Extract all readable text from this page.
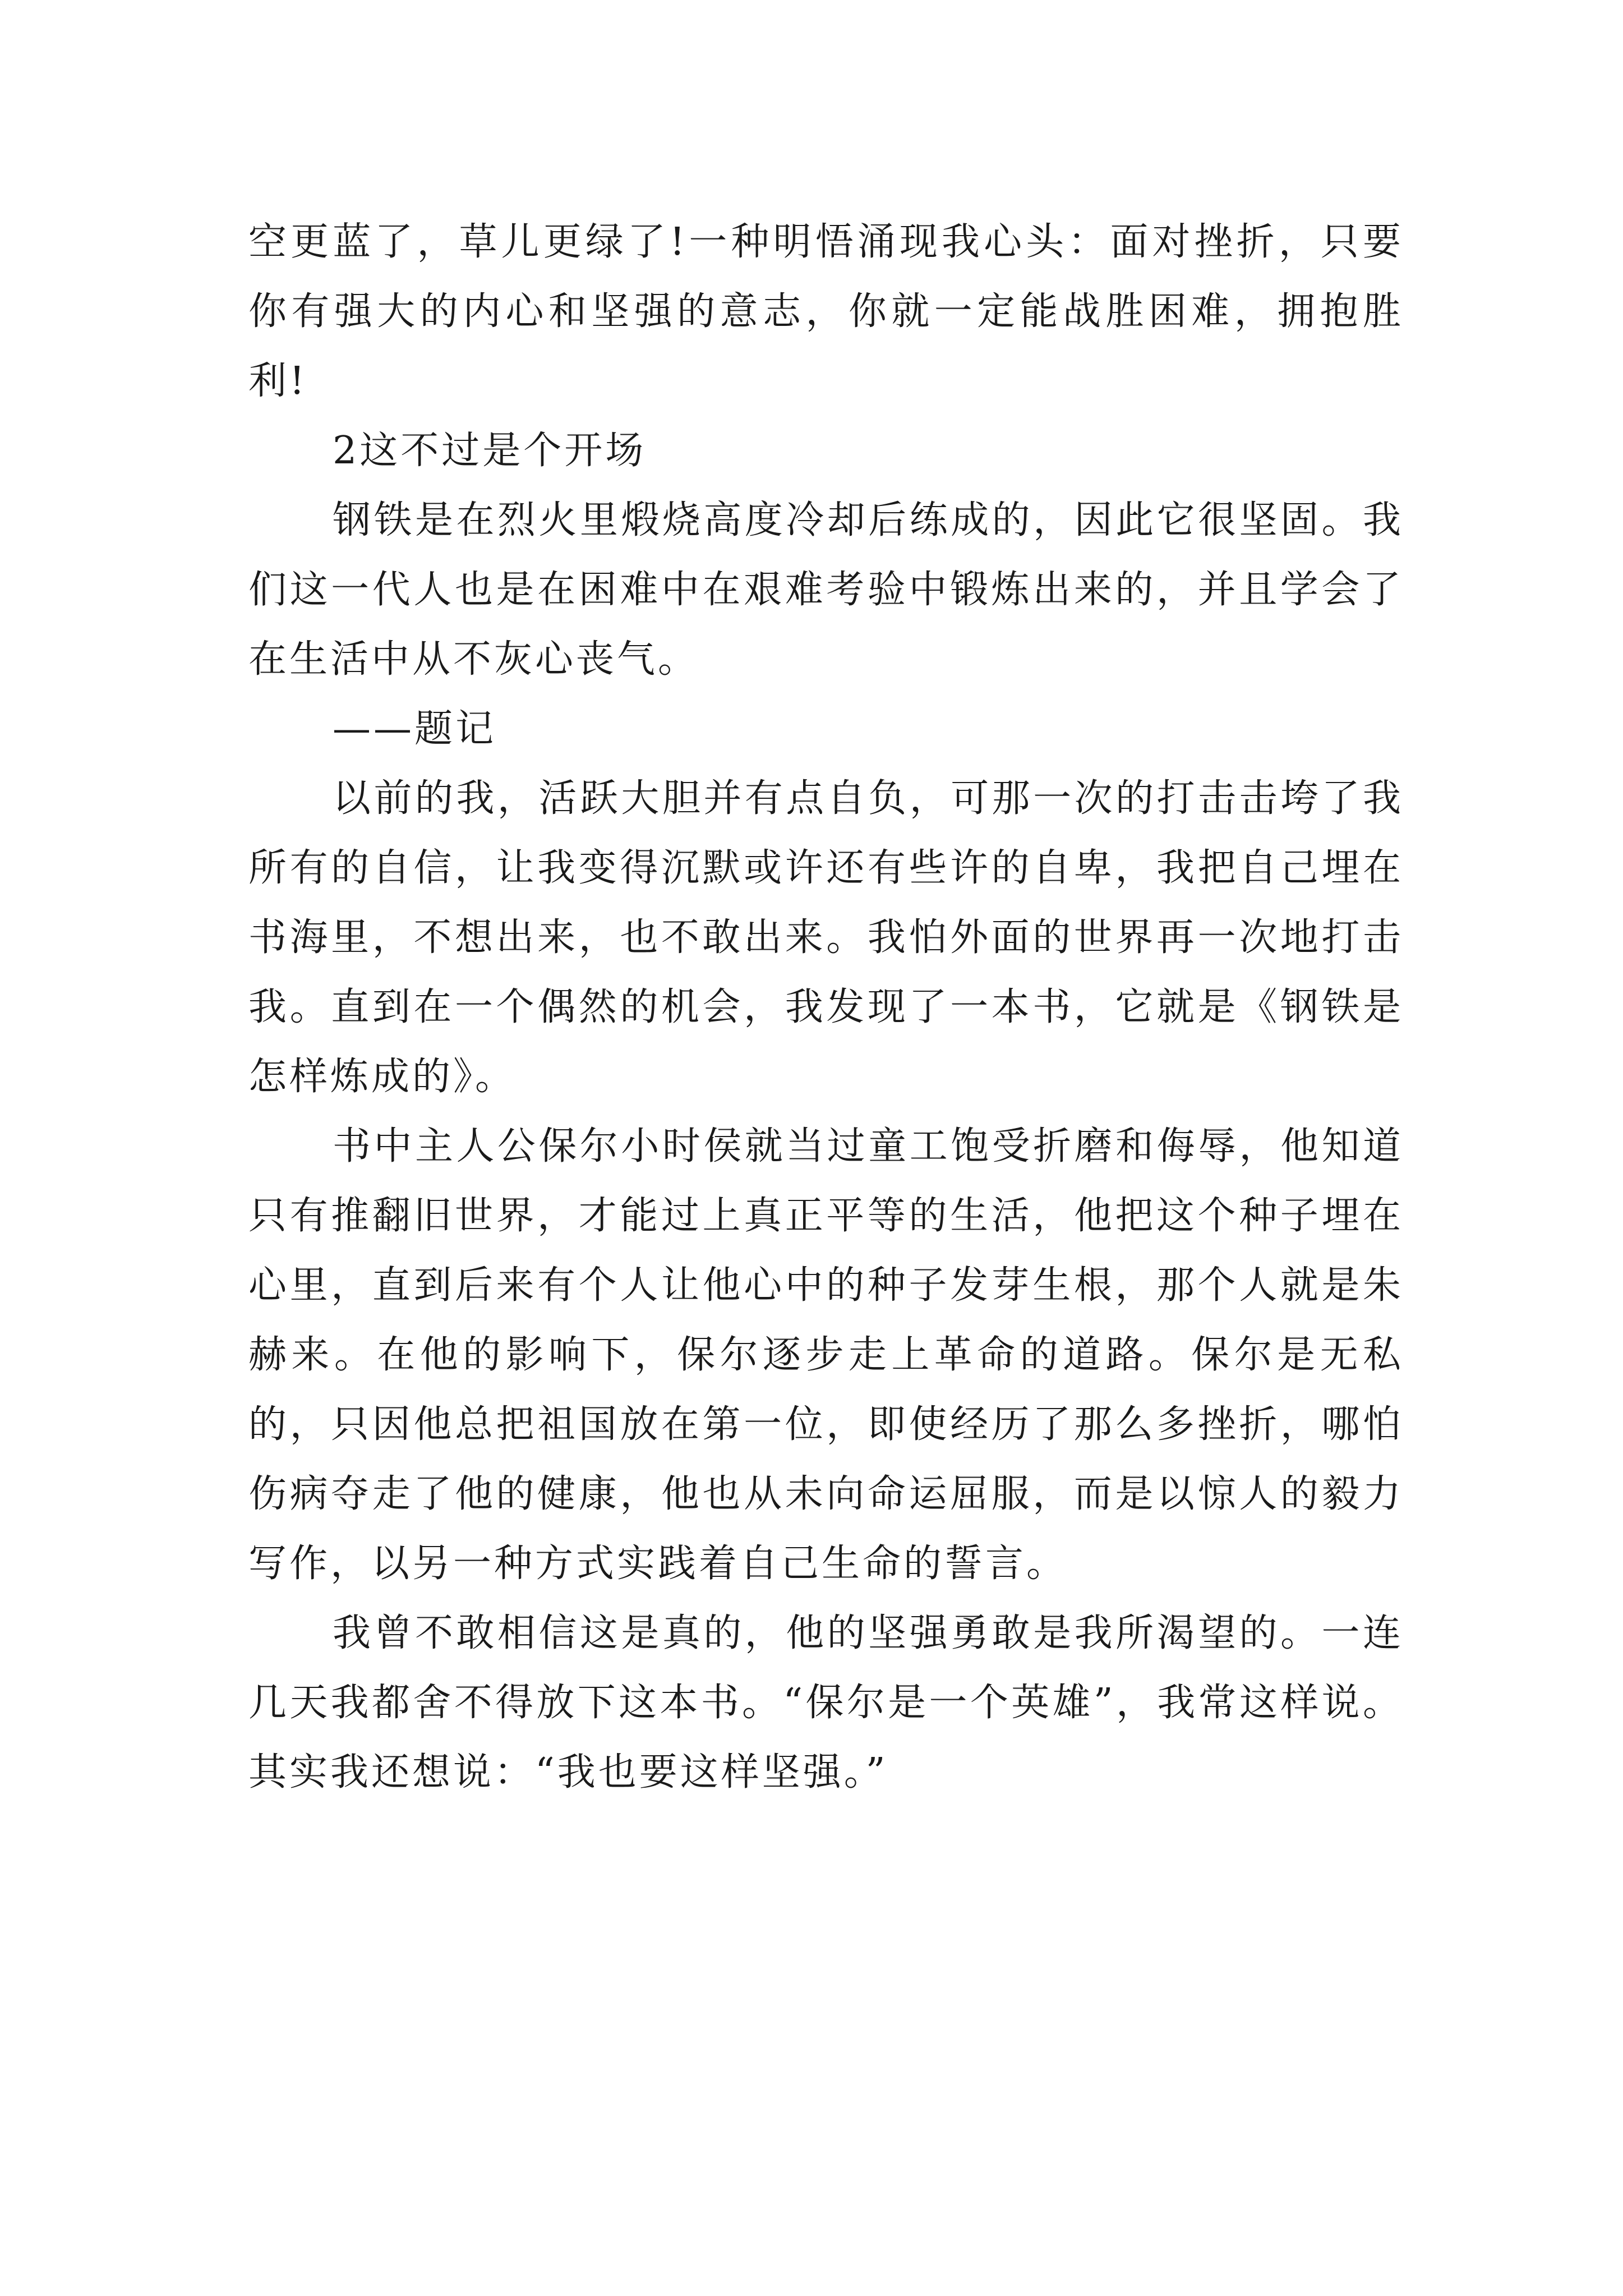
空更蓝了，草儿更绿了!一种明悟涌现我心头：面对挫折，只要你有强大的内心和坚强的意志，你就一定能战胜困难，拥抱胜利!

2这不过是个开场

钢铁是在烈火里煅烧高度冷却后练成的，因此它很坚固。我们这一代人也是在困难中在艰难考验中锻炼出来的，并且学会了在生活中从不灰心丧气。

——题记

以前的我，活跃大胆并有点自负，可那一次的打击击垮了我所有的自信，让我变得沉默或许还有些许的自卑，我把自己埋在书海里，不想出来，也不敢出来。我怕外面的世界再一次地打击我。直到在一个偶然的机会，我发现了一本书，它就是《钢铁是怎样炼成的》。

书中主人公保尔小时侯就当过童工饱受折磨和侮辱，他知道只有推翻旧世界，才能过上真正平等的生活，他把这个种子埋在心里，直到后来有个人让他心中的种子发芽生根，那个人就是朱赫来。在他的影响下，保尔逐步走上革命的道路。保尔是无私的，只因他总把祖国放在第一位，即使经历了那么多挫折，哪怕伤病夺走了他的健康，他也从未向命运屈服，而是以惊人的毅力写作，以另一种方式实践着自己生命的誓言。

我曾不敢相信这是真的，他的坚强勇敢是我所渴望的。一连几天我都舍不得放下这本书。“保尔是一个英雄”，我常这样说。其实我还想说：“我也要这样坚强。”
